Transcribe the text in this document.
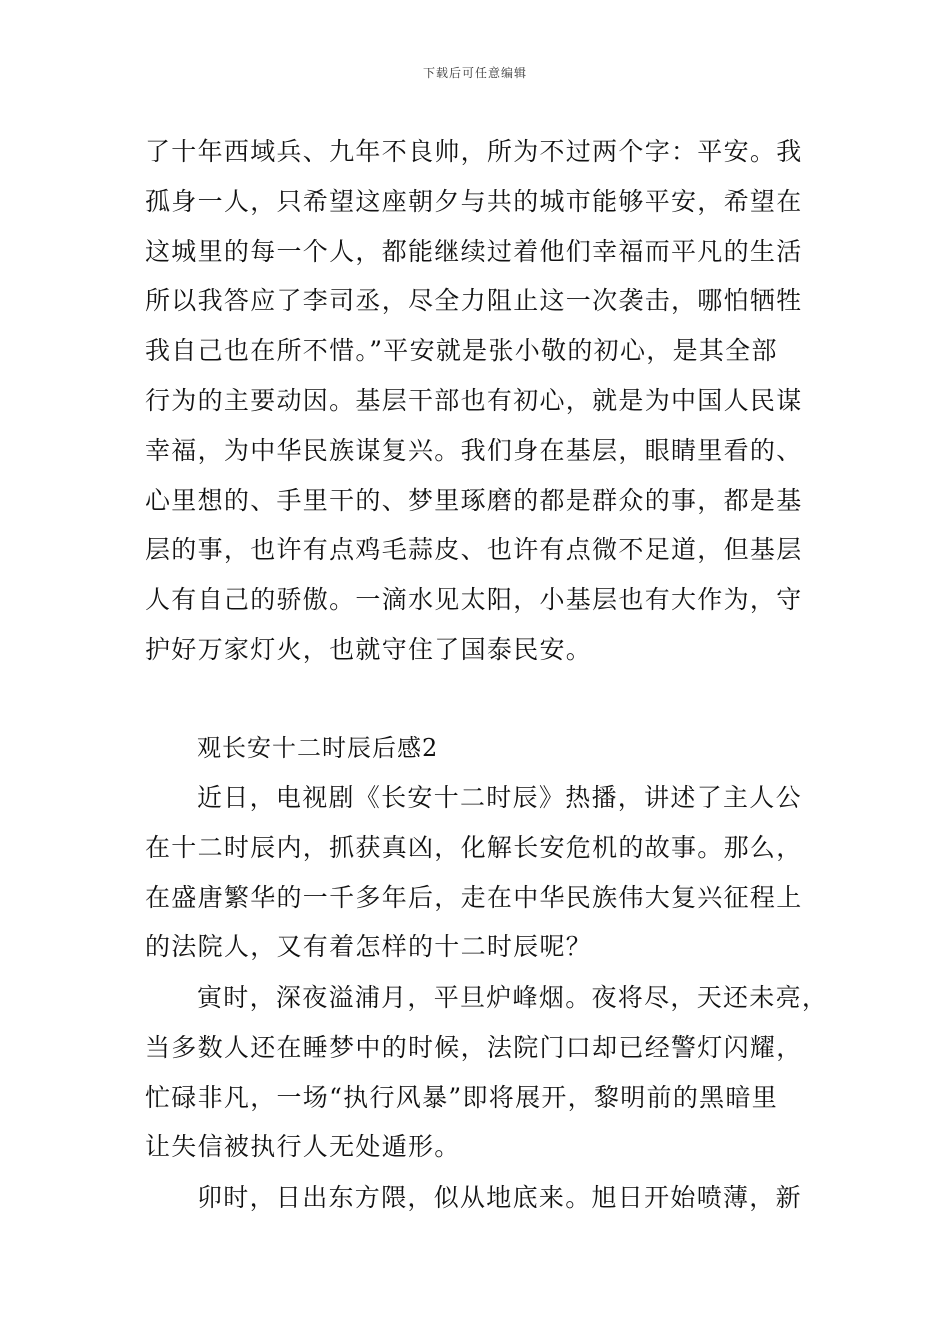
下载后可任意编辑
了十年西域兵、九年不良帅，所为不过两个字：平安。我
孤身一人，只希望这座朝夕与共的城市能够平安，希望在
这城里的每一个人，都能继续过着他们幸福而平凡的生活
所以我答应了李司丞，尽全力阻止这一次袭击，哪怕牺牲
我自己也在所不惜。”平安就是张小敬的初心，是其全部
行为的主要动因。基层干部也有初心，就是为中国人民谋
幸福，为中华民族谋复兴。我们身在基层，眼睛里看的、
心里想的、手里干的、梦里琢磨的都是群众的事，都是基
层的事，也许有点鸡毛蒜皮、也许有点微不足道，但基层
人有自己的骄傲。一滴水见太阳，小基层也有大作为，守
护好万家灯火，也就守住了国泰民安。
观长安十二时辰后感2
近日，电视剧《长安十二时辰》热播，讲述了主人公
在十二时辰内，抓获真凶，化解长安危机的故事。那么，
在盛唐繁华的一千多年后，走在中华民族伟大复兴征程上
的法院人，又有着怎样的十二时辰呢？
寅时，深夜溢浦月，平旦炉峰烟。夜将尽，天还未亮，
当多数人还在睡梦中的时候，法院门口却已经警灯闪耀，
忙碌非凡，一场“执行风暴”即将展开，黎明前的黑暗里
让失信被执行人无处遁形。
卯时，日出东方隈，似从地底来。旭日开始喷薄，新
